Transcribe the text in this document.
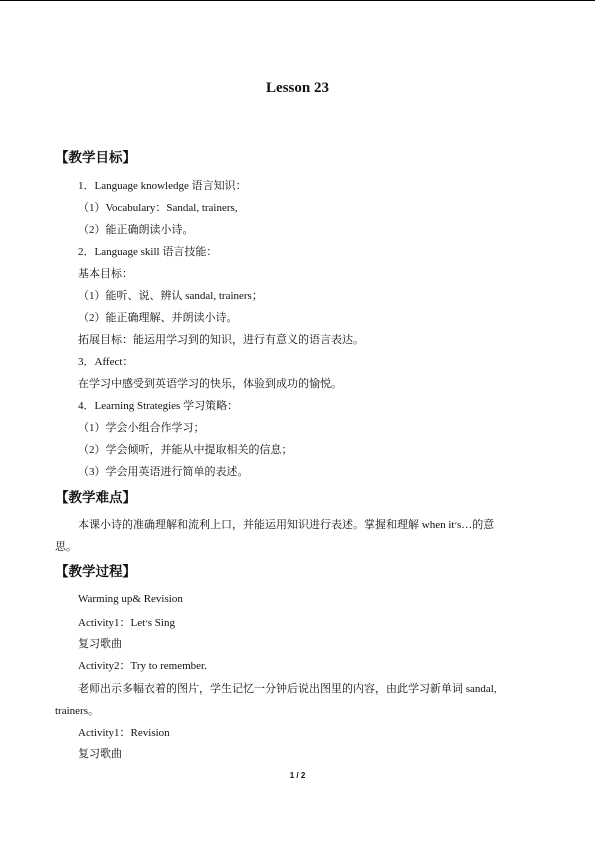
Lesson 23
【教学目标】
1．Language knowledge 语言知识：
（1）Vocabulary：Sandal, trainers,
（2）能正确朗读小诗。
2．Language skill 语言技能：
基本目标：
（1）能听、说、辨认 sandal, trainers；
（2）能正确理解、并朗读小诗。
拓展目标：能运用学习到的知识，进行有意义的语言表达。
3．Affect：
在学习中感受到英语学习的快乐，体验到成功的愉悦。
4．Learning Strategies 学习策略：
（1）学会小组合作学习；
（2）学会倾听，并能从中提取相关的信息；
（3）学会用英语进行简单的表述。
【教学难点】
本课小诗的准确理解和流利上口，并能运用知识进行表述。掌握和理解 when it׳s…的意
思。
【教学过程】
Warming up& Revision
Activity1：Let׳s Sing
复习歌曲
Activity2：Try to remember.
老师出示多幅衣着的图片，学生记忆一分钟后说出图里的内容，由此学习新单词 sandal,
trainers。
Activity1：Revision
复习歌曲
1 / 2
